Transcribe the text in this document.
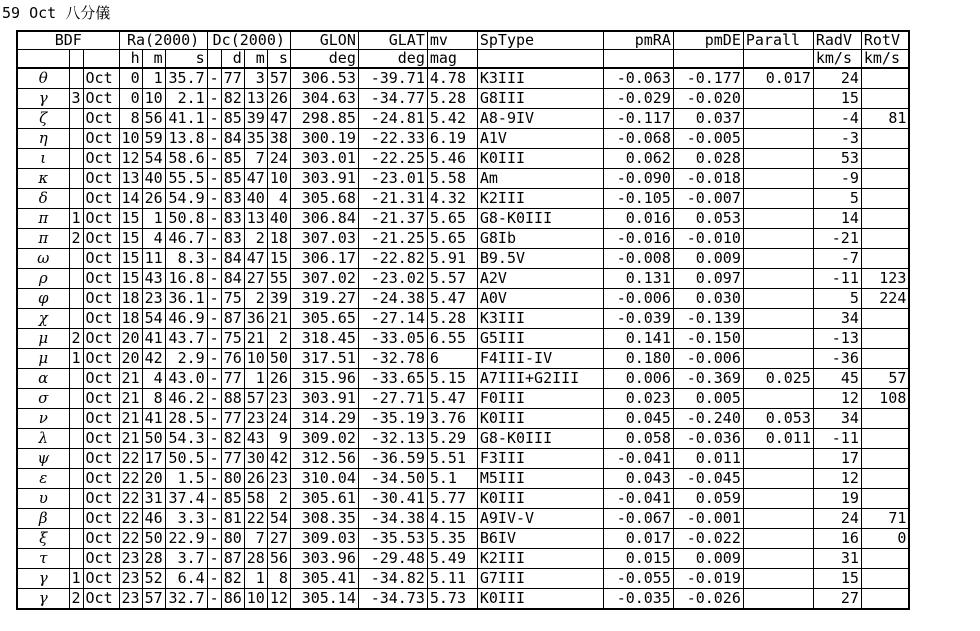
59 Oct 八分儀
BDF			Ra(2000)			Dc(2000)				GLON	GLAT	mv	SpType	pmRA	pmDE	Parall	RadV	RotV
			h	m	s		d	m	s	deg	deg	mag					km/s	km/s
θ		Oct	0	1	35.7	-	77	3	57	306.53	-39.71	4.78	K3III	-0.063	-0.177	0.017	24	
γ	3	Oct	0	10	2.1	-	82	13	26	304.63	-34.77	5.28	G8III	-0.029	-0.020		15	
ζ		Oct	8	56	41.1	-	85	39	47	298.85	-24.81	5.42	A8-9IV	-0.117	0.037		-4	81
η		Oct	10	59	13.8	-	84	35	38	300.19	-22.33	6.19	A1V	-0.068	-0.005		-3	
ι		Oct	12	54	58.6	-	85	7	24	303.01	-22.25	5.46	K0III	0.062	0.028		53	
κ		Oct	13	40	55.5	-	85	47	10	303.91	-23.01	5.58	Am	-0.090	-0.018		-9	
δ		Oct	14	26	54.9	-	83	40	4	305.68	-21.31	4.32	K2III	-0.105	-0.007		5	
π	1	Oct	15	1	50.8	-	83	13	40	306.84	-21.37	5.65	G8-K0III	0.016	0.053		14	
π	2	Oct	15	4	46.7	-	83	2	18	307.03	-21.25	5.65	G8Ib	-0.016	-0.010		-21	
ω		Oct	15	11	8.3	-	84	47	15	306.17	-22.82	5.91	B9.5V	-0.008	0.009		-7	
ρ		Oct	15	43	16.8	-	84	27	55	307.02	-23.02	5.57	A2V	0.131	0.097		-11	123
φ		Oct	18	23	36.1	-	75	2	39	319.27	-24.38	5.47	A0V	-0.006	0.030		5	224
χ		Oct	18	54	46.9	-	87	36	21	305.65	-27.14	5.28	K3III	-0.039	-0.139		34	
μ	2	Oct	20	41	43.7	-	75	21	2	318.45	-33.05	6.55	G5III	0.141	-0.150		-13	
μ	1	Oct	20	42	2.9	-	76	10	50	317.51	-32.78	6	F4III-IV	0.180	-0.006		-36	
α		Oct	21	4	43.0	-	77	1	26	315.96	-33.65	5.15	A7III+G2III	0.006	-0.369	0.025	45	57
σ		Oct	21	8	46.2	-	88	57	23	303.91	-27.71	5.47	F0III	0.023	0.005		12	108
ν		Oct	21	41	28.5	-	77	23	24	314.29	-35.19	3.76	K0III	0.045	-0.240	0.053	34	
λ		Oct	21	50	54.3	-	82	43	9	309.02	-32.13	5.29	G8-K0III	0.058	-0.036	0.011	-11	
ψ		Oct	22	17	50.5	-	77	30	42	312.56	-36.59	5.51	F3III	-0.041	0.011		17	
ε		Oct	22	20	1.5	-	80	26	23	310.04	-34.50	5.1	M5III	0.043	-0.045		12	
υ		Oct	22	31	37.4	-	85	58	2	305.61	-30.41	5.77	K0III	-0.041	0.059		19	
β		Oct	22	46	3.3	-	81	22	54	308.35	-34.38	4.15	A9IV-V	-0.067	-0.001		24	71
ξ		Oct	22	50	22.9	-	80	7	27	309.03	-35.53	5.35	B6IV	0.017	-0.022		16	0
τ		Oct	23	28	3.7	-	87	28	56	303.96	-29.48	5.49	K2III	0.015	0.009		31	
γ	1	Oct	23	52	6.4	-	82	1	8	305.41	-34.82	5.11	G7III	-0.055	-0.019		15	
γ	2	Oct	23	57	32.7	-	86	10	12	305.14	-34.73	5.73	K0III	-0.035	-0.026		27	
